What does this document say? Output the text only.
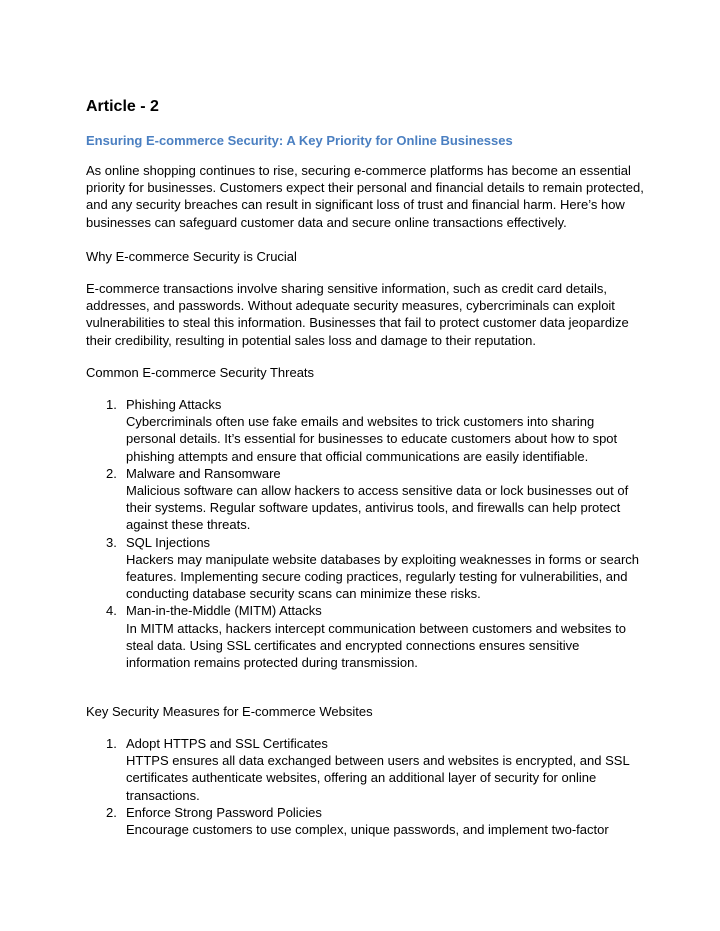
Article - 2
Ensuring E-commerce Security: A Key Priority for Online Businesses

As online shopping continues to rise, securing e-commerce platforms has become an essential priority for businesses. Customers expect their personal and financial details to remain protected, and any security breaches can result in significant loss of trust and financial harm. Here’s how businesses can safeguard customer data and secure online transactions effectively.

Why E-commerce Security is Crucial

E-commerce transactions involve sharing sensitive information, such as credit card details, addresses, and passwords. Without adequate security measures, cybercriminals can exploit vulnerabilities to steal this information. Businesses that fail to protect customer data jeopardize their credibility, resulting in potential sales loss and damage to their reputation.

Common E-commerce Security Threats

1. Phishing Attacks
Cybercriminals often use fake emails and websites to trick customers into sharing personal details. It’s essential for businesses to educate customers about how to spot phishing attempts and ensure that official communications are easily identifiable.
2. Malware and Ransomware
Malicious software can allow hackers to access sensitive data or lock businesses out of their systems. Regular software updates, antivirus tools, and firewalls can help protect against these threats.
3. SQL Injections
Hackers may manipulate website databases by exploiting weaknesses in forms or search features. Implementing secure coding practices, regularly testing for vulnerabilities, and conducting database security scans can minimize these risks.
4. Man-in-the-Middle (MITM) Attacks
In MITM attacks, hackers intercept communication between customers and websites to steal data. Using SSL certificates and encrypted connections ensures sensitive information remains protected during transmission.

Key Security Measures for E-commerce Websites

1. Adopt HTTPS and SSL Certificates
HTTPS ensures all data exchanged between users and websites is encrypted, and SSL certificates authenticate websites, offering an additional layer of security for online transactions.
2. Enforce Strong Password Policies
Encourage customers to use complex, unique passwords, and implement two-factor
